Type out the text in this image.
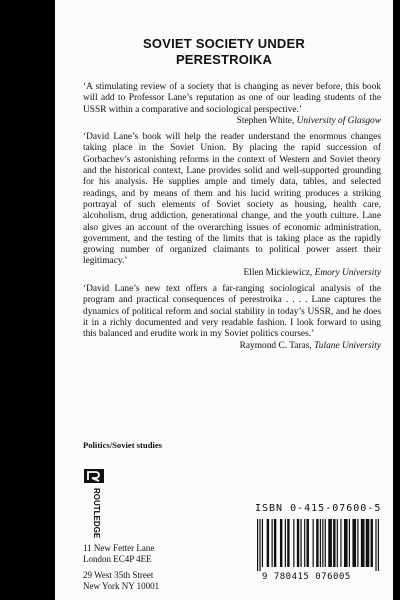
SOVIET SOCIETY UNDER
PERESTROIKA
‘A stimulating review of a society that is changing as never before, this book will add to Professor Lane’s reputation as one of our leading students of the USSR within a comparative and sociological perspective.’
Stephen White, University of Glasgow
‘David Lane’s book will help the reader understand the enormous changes taking place in the Soviet Union. By placing the rapid succession of Gorbachev’s astonishing reforms in the context of Western and Soviet theory and the historical context, Lane provides solid and well-supported grounding for his analysis. He supplies ample and timely data, tables, and selected readings, and by means of them and his lucid writing produces a striking portrayal of such elements of Soviet society as housing, health care, alcoholism, drug addiction, generational change, and the youth culture. Lane also gives an account of the overarching issues of economic administration, government, and the testing of the limits that is taking place as the rapidly growing number of organized claimants to political power assert their legitimacy.’
Ellen Mickiewicz, Emory University
‘David Lane’s new text offers a far-ranging sociological analysis of the program and practical consequences of perestroika . . . . Lane captures the dynamics of political reform and social stability in today’s USSR, and he does it in a richly documented and very readable fashion. I look forward to using this balanced and erudite work in my Soviet politics courses.’
Raymond C. Taras, Tulane University
Politics/Soviet studies
ROUTLEDGE
11 New Fetter Lane
London EC4P 4EE
29 West 35th Street
New York NY 10001
ISBN 0-415-07600-5
9 780415 076005
